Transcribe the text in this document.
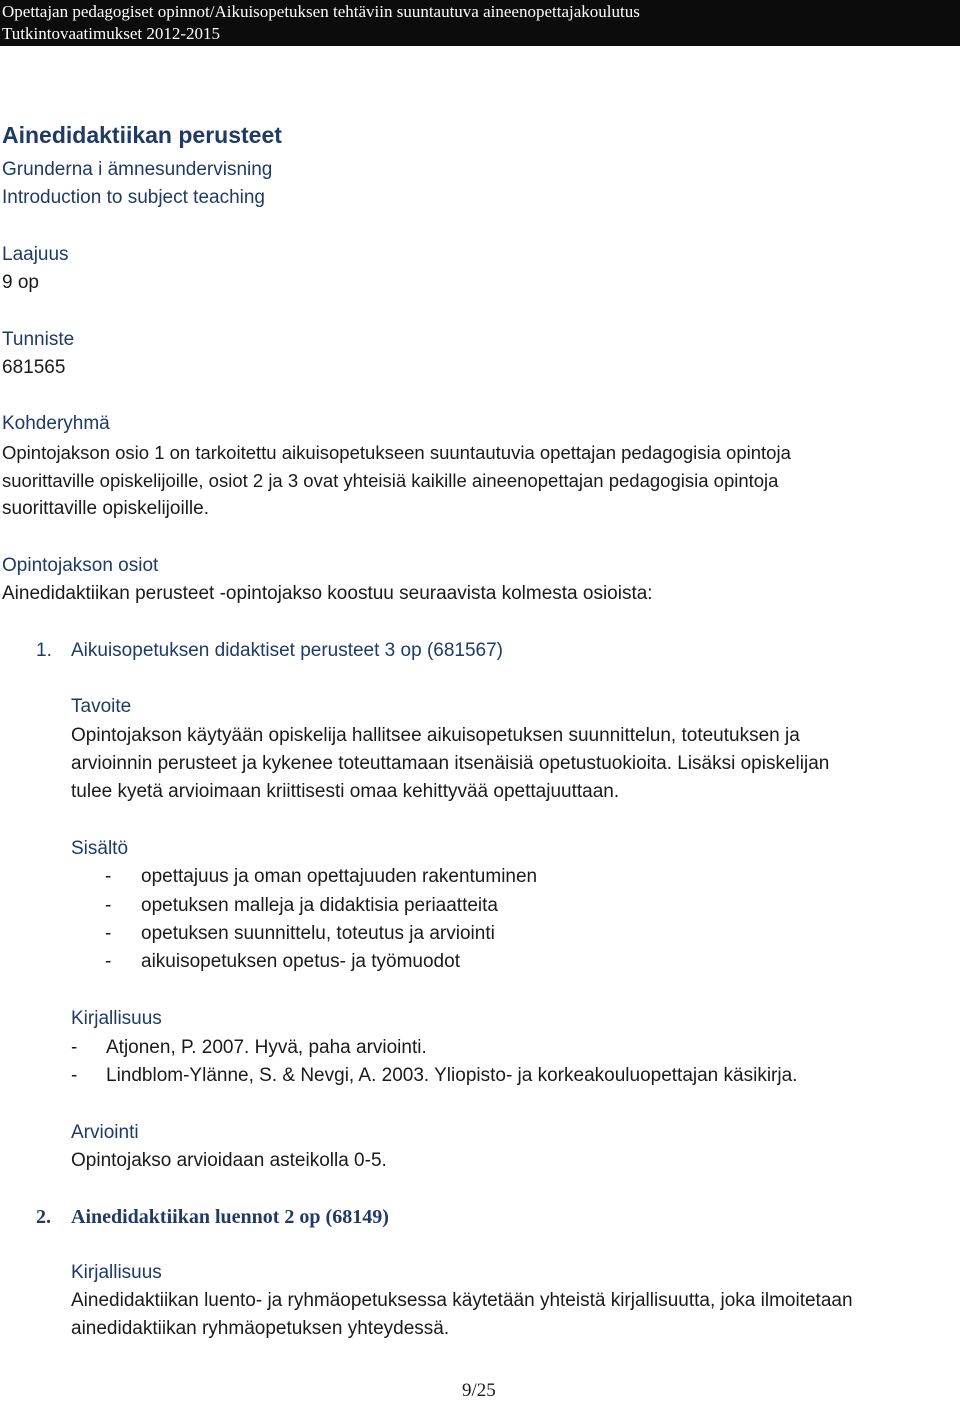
Opettajan pedagogiset opinnot/Aikuisopetuksen tehtäviin suuntautuva aineenopettajakoulutus
Tutkintovaatimukset 2012-2015
Ainedidaktiikan perusteet
Grunderna i ämnesundervisning
Introduction to subject teaching
Laajuus
9 op
Tunniste
681565
Kohderyhmä
Opintojakson osio 1 on tarkoitettu aikuisopetukseen suuntautuvia opettajan pedagogisia opintoja
suorittaville opiskelijoille, osiot 2 ja 3 ovat yhteisiä kaikille aineenopettajan pedagogisia opintoja
suorittaville opiskelijoille.
Opintojakson osiot
Ainedidaktiikan perusteet -opintojakso koostuu seuraavista kolmesta osioista:
1. Aikuisopetuksen didaktiset perusteet 3 op (681567)
Tavoite
Opintojakson käytyään opiskelija hallitsee aikuisopetuksen suunnittelun, toteutuksen ja
arvioinnin perusteet ja kykenee toteuttamaan itsenäisiä opetustuokioita. Lisäksi opiskelijan
tulee kyetä arvioimaan kriittisesti omaa kehittyvää opettajuuttaan.
Sisältö
- opettajuus ja oman opettajuuden rakentuminen
- opetuksen malleja ja didaktisia periaatteita
- opetuksen suunnittelu, toteutus ja arviointi
- aikuisopetuksen opetus- ja työmuodot
Kirjallisuus
- Atjonen, P. 2007. Hyvä, paha arviointi.
- Lindblom-Ylänne, S. & Nevgi, A. 2003. Yliopisto- ja korkeakouluopettajan käsikirja.
Arviointi
Opintojakso arvioidaan asteikolla 0-5.
2. Ainedidaktiikan luennot 2 op (68149)
Kirjallisuus
Ainedidaktiikan luento- ja ryhmäopetuksessa käytetään yhteistä kirjallisuutta, joka ilmoitetaan
ainedidaktiikan ryhmäopetuksen yhteydessä.
9/25
